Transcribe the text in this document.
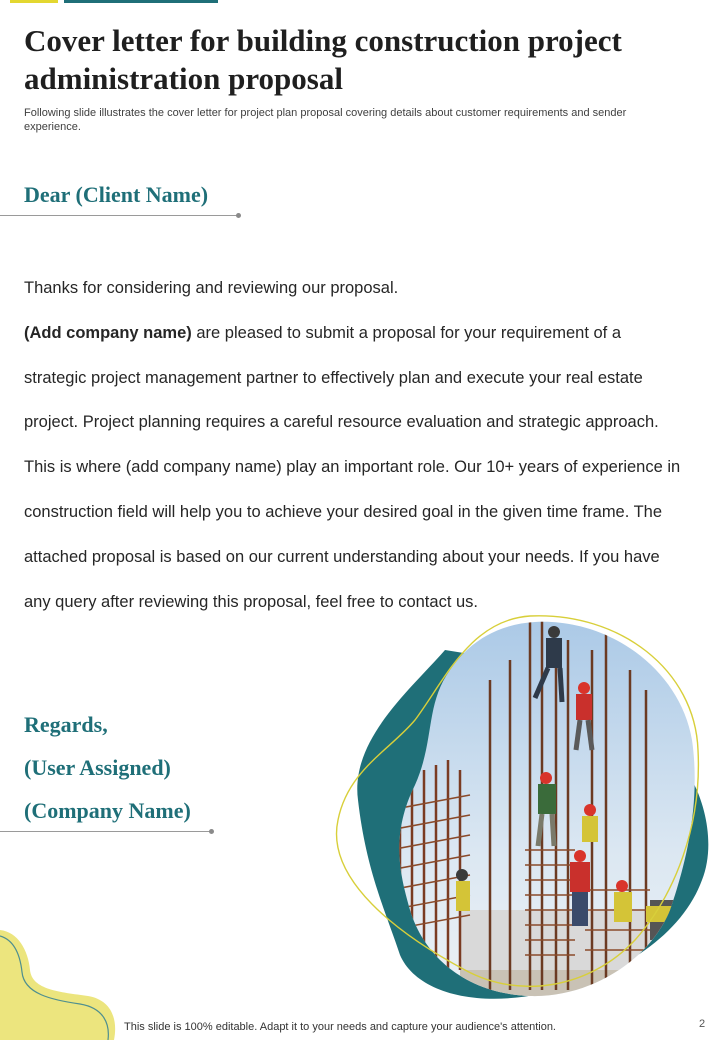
Cover letter for building construction project administration proposal

Following slide illustrates the cover letter for project plan proposal covering details about customer requirements and sender experience.

Dear (Client Name)
Thanks for considering and reviewing our proposal.
(Add company name) are pleased to submit a proposal for your requirement of a strategic project management partner to effectively plan and execute your real estate project. Project planning requires a careful resource evaluation and strategic approach. This is where (add company name) play an important role. Our 10+ years of experience in construction field will help you to achieve your desired goal in the given time frame. The attached proposal is based on our current understanding about your needs. If you have any query after reviewing this proposal, feel free to contact us.
Regards,
(User Assigned)
(Company Name)
This slide is 100% editable. Adapt it to your needs and capture your audience's attention.	2
